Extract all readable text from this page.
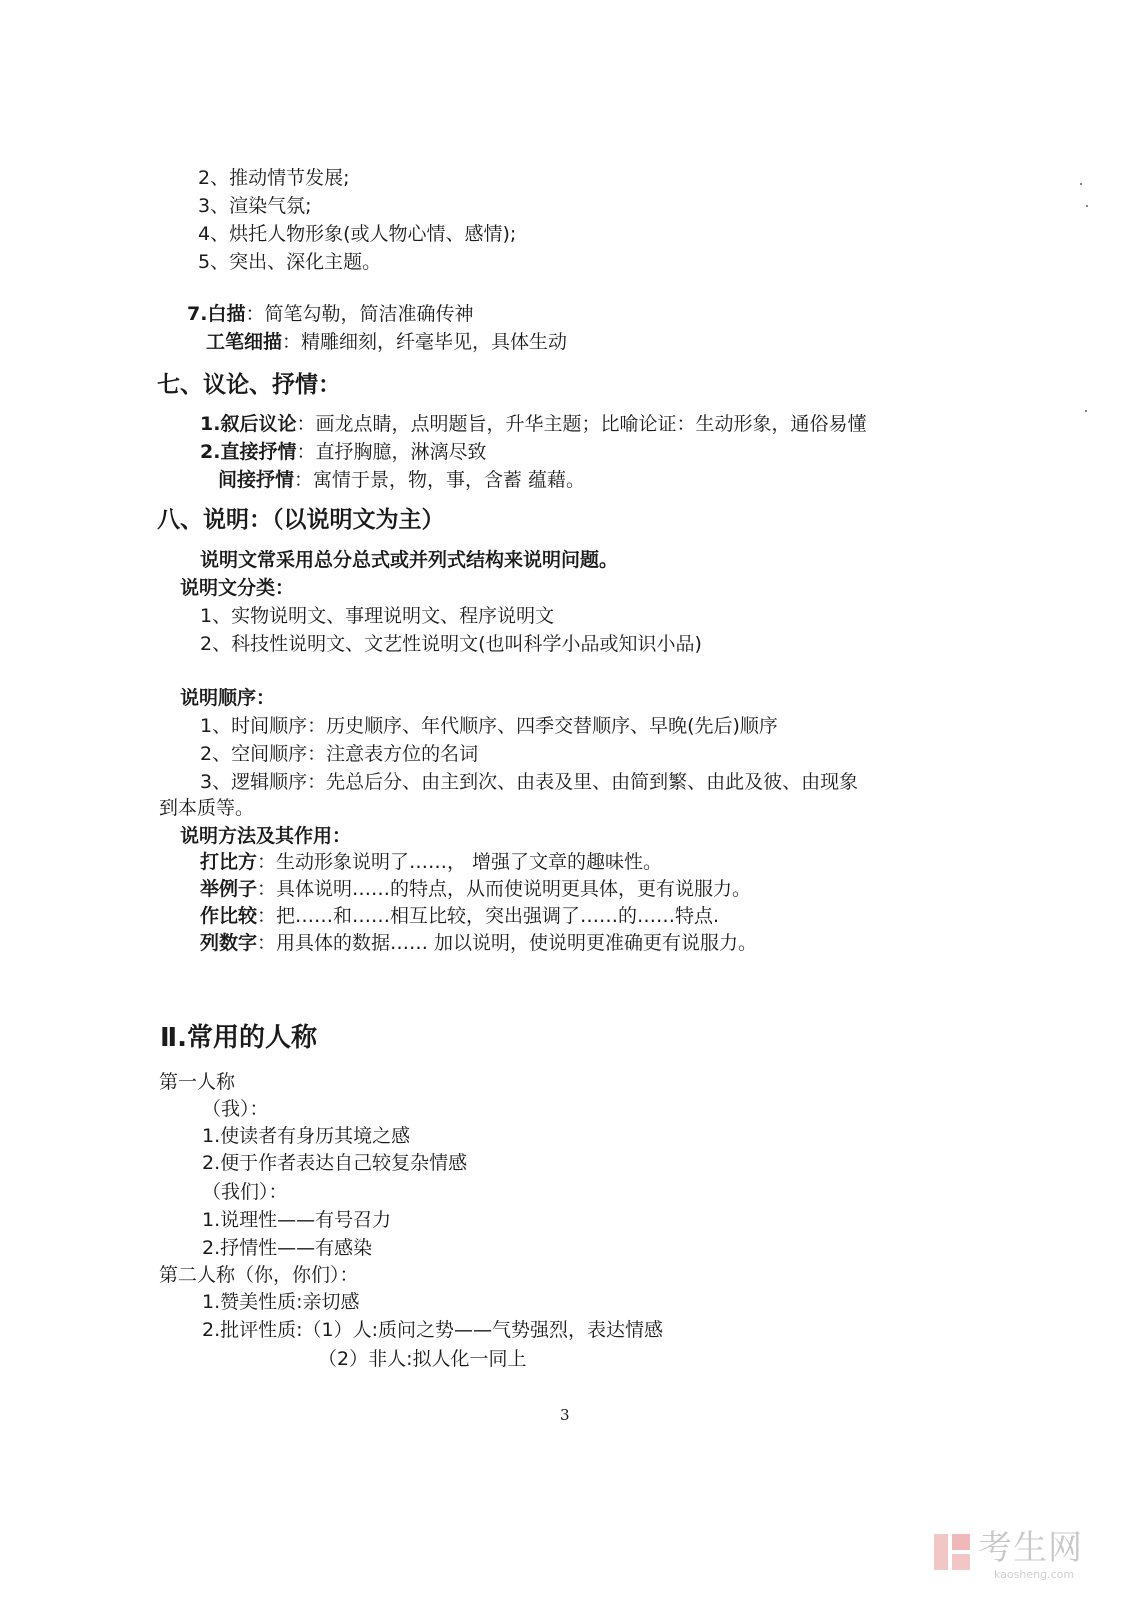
2、推动情节发展;
3、渲染气氛;
4、烘托人物形象(或人物心情、感情);
5、突出、深化主题。
7.白描：简笔勾勒，简洁准确传神
工笔细描：精雕细刻，纤毫毕见，具体生动
七、议论、抒情：
1.叙后议论：画龙点睛，点明题旨，升华主题；比喻论证：生动形象，通俗易懂
2.直接抒情：直抒胸臆，淋漓尽致
间接抒情：寓情于景，物，事，含蓄 蕴藉。
八、说明：（以说明文为主）
说明文常采用总分总式或并列式结构来说明问题。
说明文分类：
1、实物说明文、事理说明文、程序说明文
2、科技性说明文、文艺性说明文(也叫科学小品或知识小品)
说明顺序：
1、时间顺序：历史顺序、年代顺序、四季交替顺序、早晚(先后)顺序
2、空间顺序：注意表方位的名词
3、逻辑顺序：先总后分、由主到次、由表及里、由简到繁、由此及彼、由现象
到本质等。
说明方法及其作用：
打比方：生动形象说明了……， 增强了文章的趣味性。
举例子：具体说明……的特点，从而使说明更具体，更有说服力。
作比较：把……和……相互比较，突出强调了……的……特点.
列数字：用具体的数据…… 加以说明，使说明更准确更有说服力。
Ⅱ.常用的人称
第一人称
（我）：
1.使读者有身历其境之感
2.便于作者表达自己较复杂情感
（我们）：
1.说理性——有号召力
2.抒情性——有感染
第二人称（你，你们）：
1.赞美性质:亲切感
2.批评性质:（1）人:质问之势——气势强烈，表达情感
（2）非人:拟人化一同上
3
考生网
kaosheng.com
